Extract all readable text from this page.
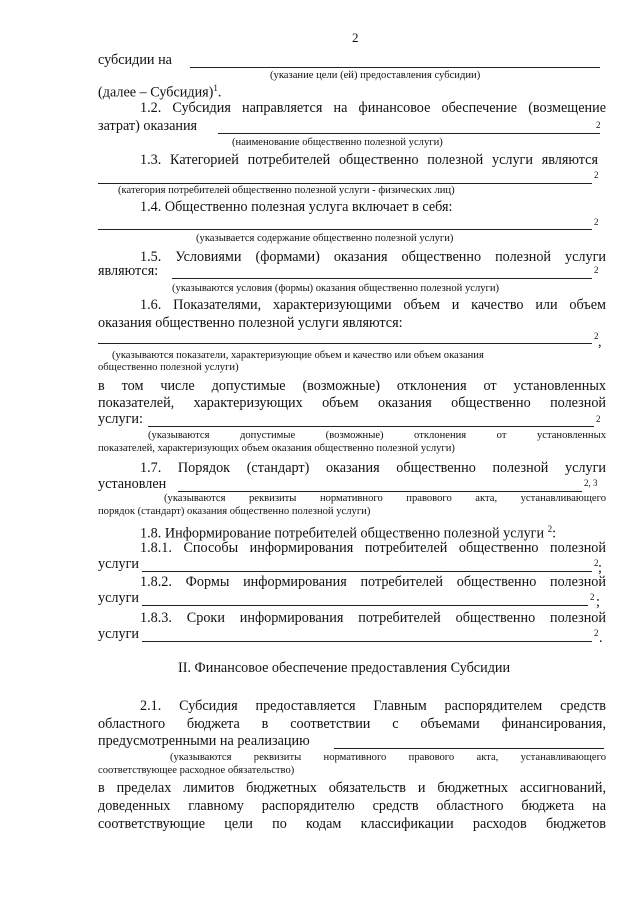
2
субсидии на
(указание цели (ей) предоставления субсидии)
(далее – Субсидия)$^1$.
1.2. Субсидия направляется на финансовое обеспечение (возмещение
затрат) оказания	2
(наименование общественно полезной услуги)
1.3. Категорией потребителей общественно полезной услуги являются
2
(категория потребителей общественно полезной услуги - физических лиц)
1.4. Общественно полезная услуга включает в себя:
2
(указывается содержание общественно полезной услуги)
1.5. Условиями (формами) оказания общественно полезной услуги
являются:	2
(указываются условия (формы) оказания общественно полезной услуги)
1.6. Показателями, характеризующими объем и качество или объем
оказания общественно полезной услуги являются:
2 ,
(указываются показатели, характеризующие объем и качество или объем оказания
общественно полезной услуги)
в том числе допустимые (возможные) отклонения от установленных
показателей, характеризующих объем оказания общественно полезной
услуги:	2
(указываются допустимые (возможные) отклонения от установленных
показателей, характеризующих объем оказания общественно полезной услуги)
1.7. Порядок (стандарт) оказания общественно полезной услуги
установлен	2, 3
(указываются реквизиты нормативного правового акта, устанавливающего
порядок (стандарт) оказания общественно полезной услуги)
1.8. Информирование потребителей общественно полезной услуги $^2$:
1.8.1. Способы информирования потребителей общественно полезной
услуги	2 ;
1.8.2. Формы информирования потребителей общественно полезной
услуги	2 ;
1.8.3. Сроки информирования потребителей общественно полезной
услуги	2 .
II. Финансовое обеспечение предоставления Субсидии
2.1. Субсидия предоставляется Главным распорядителем средств
областного бюджета в соответствии с объемами финансирования,
предусмотренными на реализацию
(указываются реквизиты нормативного правового акта, устанавливающего
соответствующее расходное обязательство)
в пределах лимитов бюджетных обязательств и бюджетных ассигнований,
доведенных главному распорядителю средств областного бюджета на
соответствующие цели по кодам классификации расходов бюджетов
